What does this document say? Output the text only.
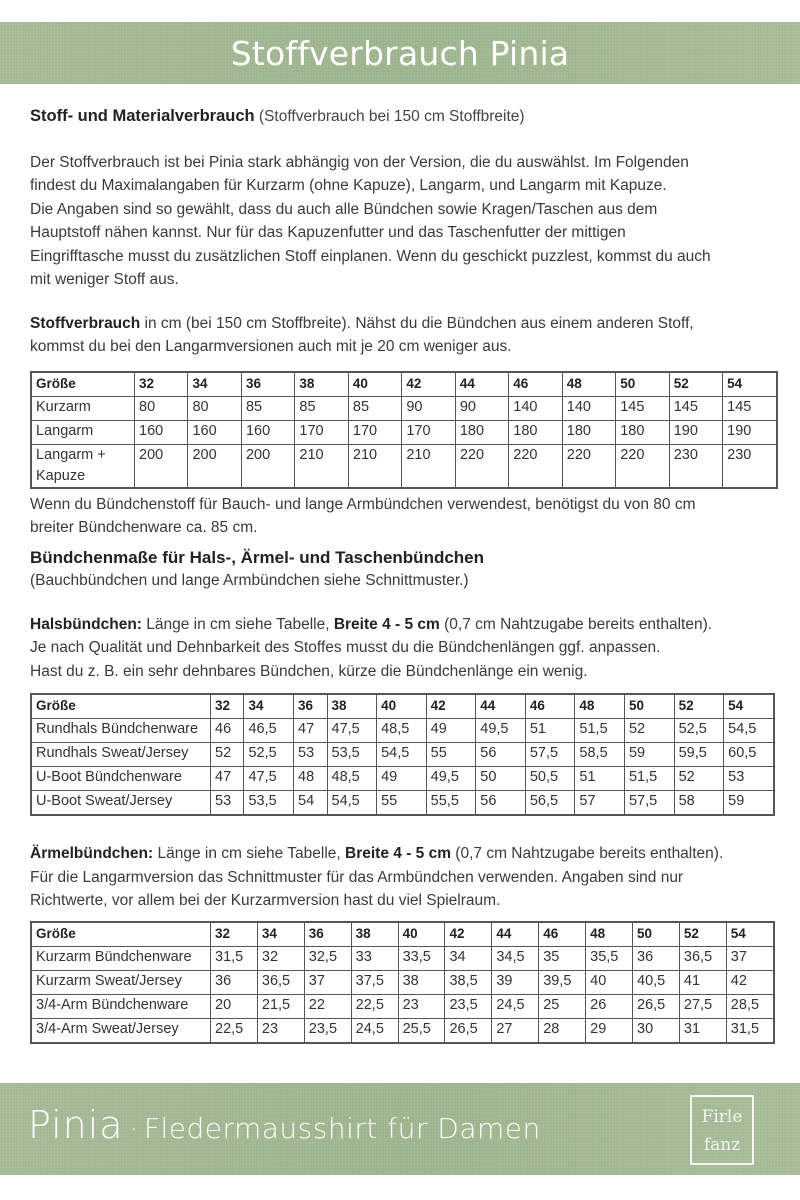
Stoffverbrauch Pinia

Stoff- und Materialverbrauch (Stoffverbrauch bei 150 cm Stoffbreite)

Der Stoffverbrauch ist bei Pinia stark abhängig von der Version, die du auswählst. Im Folgenden
findest du Maximalangaben für Kurzarm (ohne Kapuze), Langarm, und Langarm mit Kapuze.
Die Angaben sind so gewählt, dass du auch alle Bündchen sowie Kragen/Taschen aus dem
Hauptstoff nähen kannst. Nur für das Kapuzenfutter und das Taschenfutter der mittigen
Eingrifftasche musst du zusätzlichen Stoff einplanen. Wenn du geschickt puzzlest, kommst du auch
mit weniger Stoff aus.
Stoffverbrauch in cm (bei 150 cm Stoffbreite). Nähst du die Bündchen aus einem anderen Stoff,
kommst du bei den Langarmversionen auch mit je 20 cm weniger aus.
Größe	32	34	36	38	40	42	44	46	48	50	52	54
Kurzarm	80	80	85	85	85	90	90	140	140	145	145	145
Langarm	160	160	160	170	170	170	180	180	180	180	190	190
Langarm + Kapuze	200	200	200	210	210	210	220	220	220	220	230	230
Wenn du Bündchenstoff für Bauch- und lange Armbündchen verwendest, benötigst du von 80 cm
breiter Bündchenware ca. 85 cm.
Bündchenmaße für Hals-, Ärmel- und Taschenbündchen
(Bauchbündchen und lange Armbündchen siehe Schnittmuster.)
Halsbündchen: Länge in cm siehe Tabelle, Breite 4 - 5 cm (0,7 cm Nahtzugabe bereits enthalten).
Je nach Qualität und Dehnbarkeit des Stoffes musst du die Bündchenlängen ggf. anpassen.
Hast du z. B. ein sehr dehnbares Bündchen, kürze die Bündchenlänge ein wenig.
Größe	32	34	36	38	40	42	44	46	48	50	52	54
Rundhals Bündchenware	46	46,5	47	47,5	48,5	49	49,5	51	51,5	52	52,5	54,5
Rundhals Sweat/Jersey	52	52,5	53	53,5	54,5	55	56	57,5	58,5	59	59,5	60,5
U-Boot Bündchenware	47	47,5	48	48,5	49	49,5	50	50,5	51	51,5	52	53
U-Boot Sweat/Jersey	53	53,5	54	54,5	55	55,5	56	56,5	57	57,5	58	59
Ärmelbündchen: Länge in cm siehe Tabelle, Breite 4 - 5 cm (0,7 cm Nahtzugabe bereits enthalten).
Für die Langarmversion das Schnittmuster für das Armbündchen verwenden. Angaben sind nur
Richtwerte, vor allem bei der Kurzarmversion hast du viel Spielraum.
Größe	32	34	36	38	40	42	44	46	48	50	52	54
Kurzarm Bündchenware	31,5	32	32,5	33	33,5	34	34,5	35	35,5	36	36,5	37
Kurzarm Sweat/Jersey	36	36,5	37	37,5	38	38,5	39	39,5	40	40,5	41	42
3/4-Arm Bündchenware	20	21,5	22	22,5	23	23,5	24,5	25	26	26,5	27,5	28,5
3/4-Arm Sweat/Jersey	22,5	23	23,5	24,5	25,5	26,5	27	28	29	30	31	31,5
Pinia · Fledermausshirt für Damen	Firle
fanz
